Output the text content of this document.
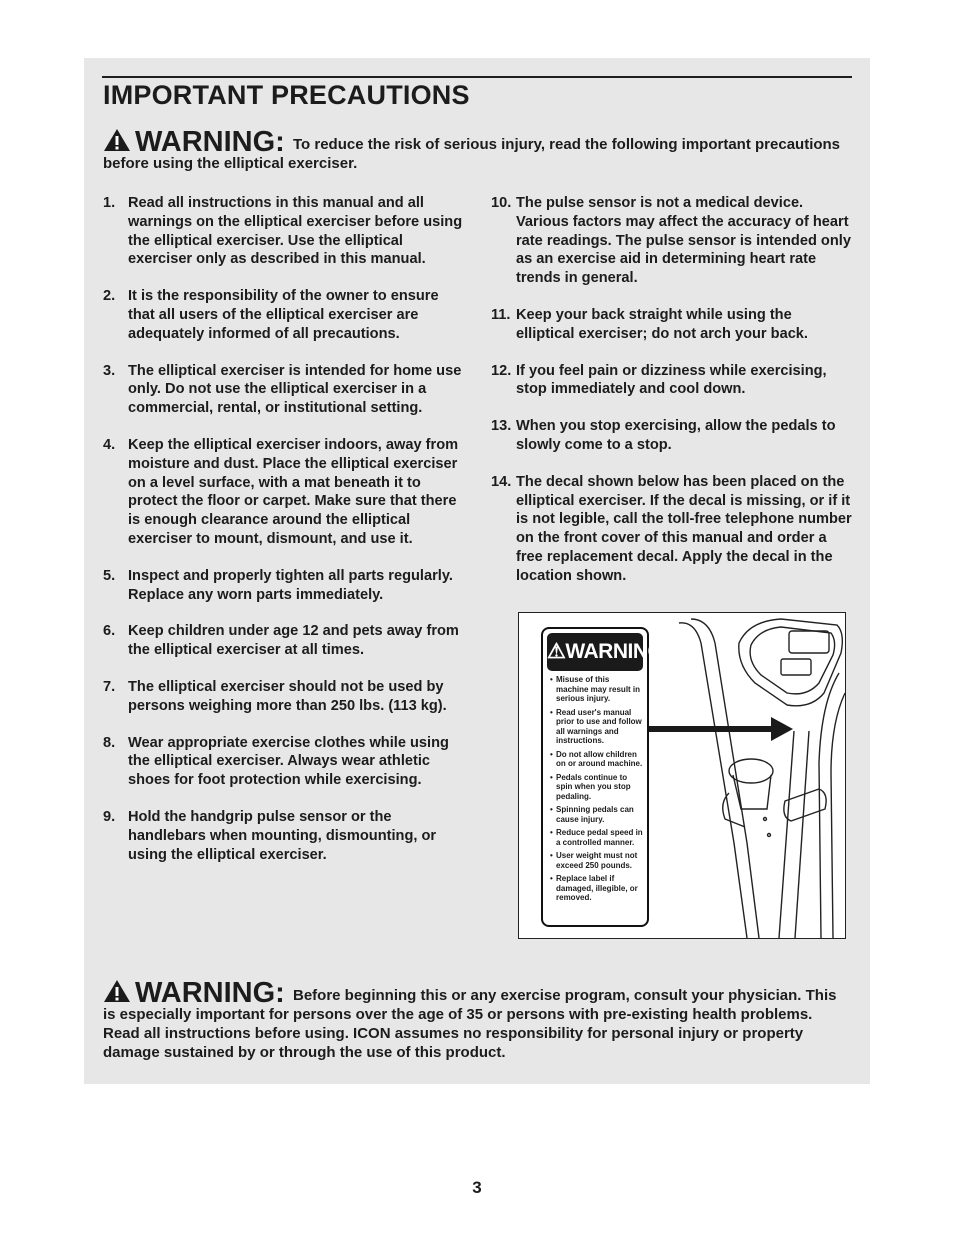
IMPORTANT PRECAUTIONS
WARNING: To reduce the risk of serious injury, read the following important precautions before using the elliptical exerciser.
1. Read all instructions in this manual and all warnings on the elliptical exerciser before using the elliptical exerciser. Use the elliptical exerciser only as described in this manual.
2. It is the responsibility of the owner to ensure that all users of the elliptical exerciser are adequately informed of all precautions.
3. The elliptical exerciser is intended for home use only. Do not use the elliptical exerciser in a commercial, rental, or institutional setting.
4. Keep the elliptical exerciser indoors, away from moisture and dust. Place the elliptical exerciser on a level surface, with a mat beneath it to protect the floor or carpet. Make sure that there is enough clearance around the elliptical exerciser to mount, dismount, and use it.
5. Inspect and properly tighten all parts regularly. Replace any worn parts immediately.
6. Keep children under age 12 and pets away from the elliptical exerciser at all times.
7. The elliptical exerciser should not be used by persons weighing more than 250 lbs. (113 kg).
8. Wear appropriate exercise clothes while using the elliptical exerciser. Always wear athletic shoes for foot protection while exercising.
9. Hold the handgrip pulse sensor or the handlebars when mounting, dismounting, or using the elliptical exerciser.
10. The pulse sensor is not a medical device. Various factors may affect the accuracy of heart rate readings. The pulse sensor is intended only as an exercise aid in determining heart rate trends in general.
11. Keep your back straight while using the elliptical exerciser; do not arch your back.
12. If you feel pain or dizziness while exercising, stop immediately and cool down.
13. When you stop exercising, allow the pedals to slowly come to a stop.
14. The decal shown below has been placed on the elliptical exerciser. If the decal is missing, or if it is not legible, call the toll-free telephone number on the front cover of this manual and order a free replacement decal. Apply the decal in the location shown.
⚠WARNING
• Misuse of this machine may result in serious injury.
• Read user's manual prior to use and follow all warnings and instructions.
• Do not allow children on or around machine.
• Pedals continue to spin when you stop pedaling.
• Spinning pedals can cause injury.
• Reduce pedal speed in a controlled manner.
• User weight must not exceed 250 pounds.
• Replace label if damaged, illegible, or removed.
WARNING: Before beginning this or any exercise program, consult your physician. This is especially important for persons over the age of 35 or persons with pre-existing health problems. Read all instructions before using. ICON assumes no responsibility for personal injury or property damage sustained by or through the use of this product.
3
